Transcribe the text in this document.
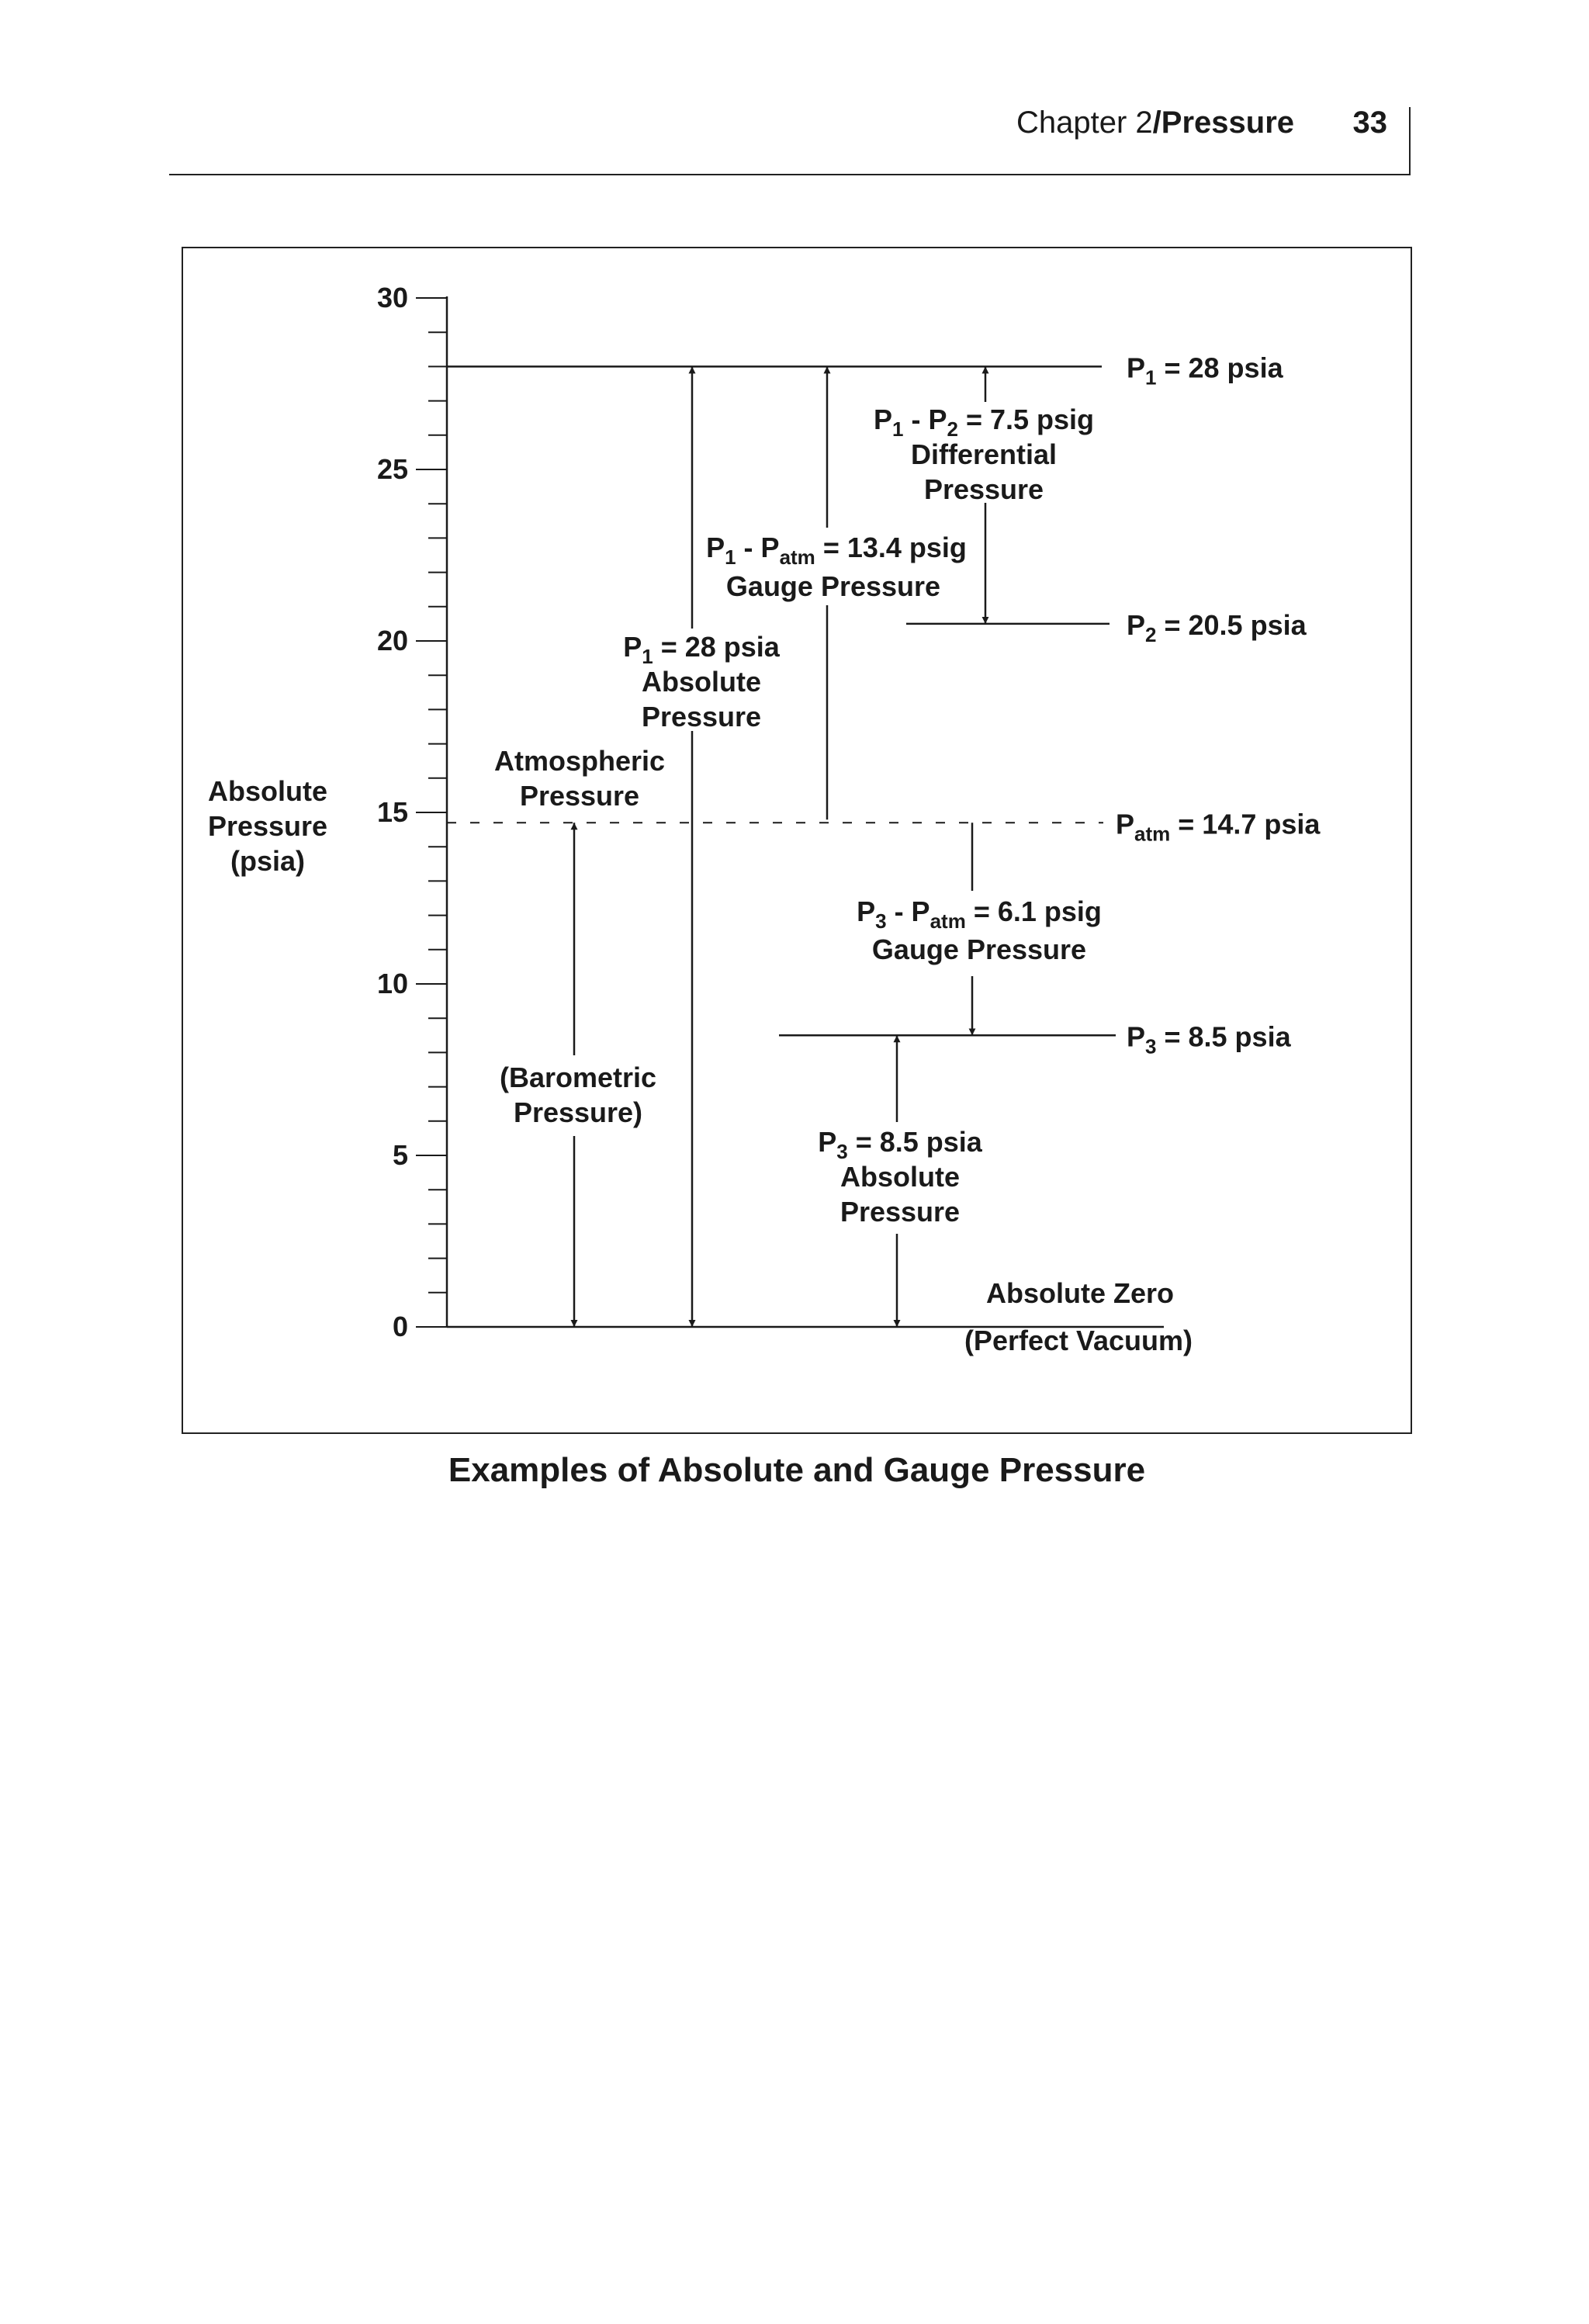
Chapter 2/Pressure 33
0
5
10
15
20
25
30
Absolute
Pressure
(psia)
$P_1 = 28$ psia
$P_2 = 20.5$ psia
$P_{atm} = 14.7$ psia
$P_3 = 8.5$ psia
$P_1 - P_2 = 7.5$ psig
Differential
Pressure
$P_1 - P_{atm} = 13.4$ psig
Gauge Pressure
$P_1 = 28$ psia
Absolute
Pressure
Atmospheric
Pressure
(Barometric
Pressure)
$P_3 - P_{atm} = 6.1$ psig
Gauge Pressure
$P_3 = 8.5$ psia
Absolute
Pressure
Absolute Zero
(Perfect Vacuum)
Examples of Absolute and Gauge Pressure
